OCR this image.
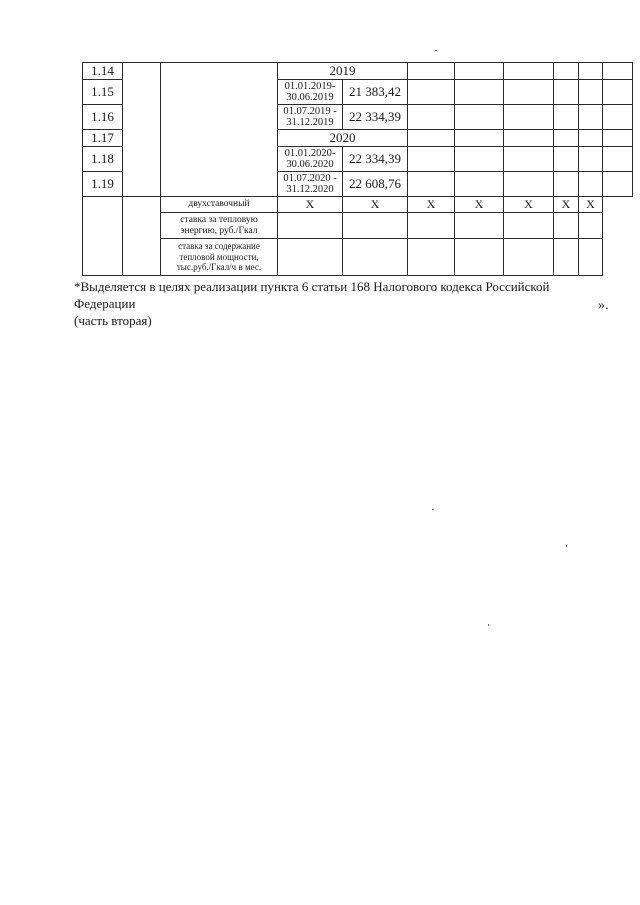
1.14			2019							
1.15			01.01.2019-
30.06.2019	21 383,42						
1.16			01.07.2019 -
31.12.2019	22 334,39						
1.17			2020							
1.18			01.01.2020-
30.06.2020	22 334,39						
1.19			01.07.2020 -
31.12.2020	22 608,76						
		двухставочный	X	X	X	X	X	X	X	
		ставка за тепловую
энергию, руб./Гкал								
		ставка за содержание
тепловой мощности,
тыс.руб./Гкал/ч в мес.								
*Выделяется в целях реализации пункта 6 статьи 168 Налогового кодекса Российской Федерации
(часть вторая)
».
